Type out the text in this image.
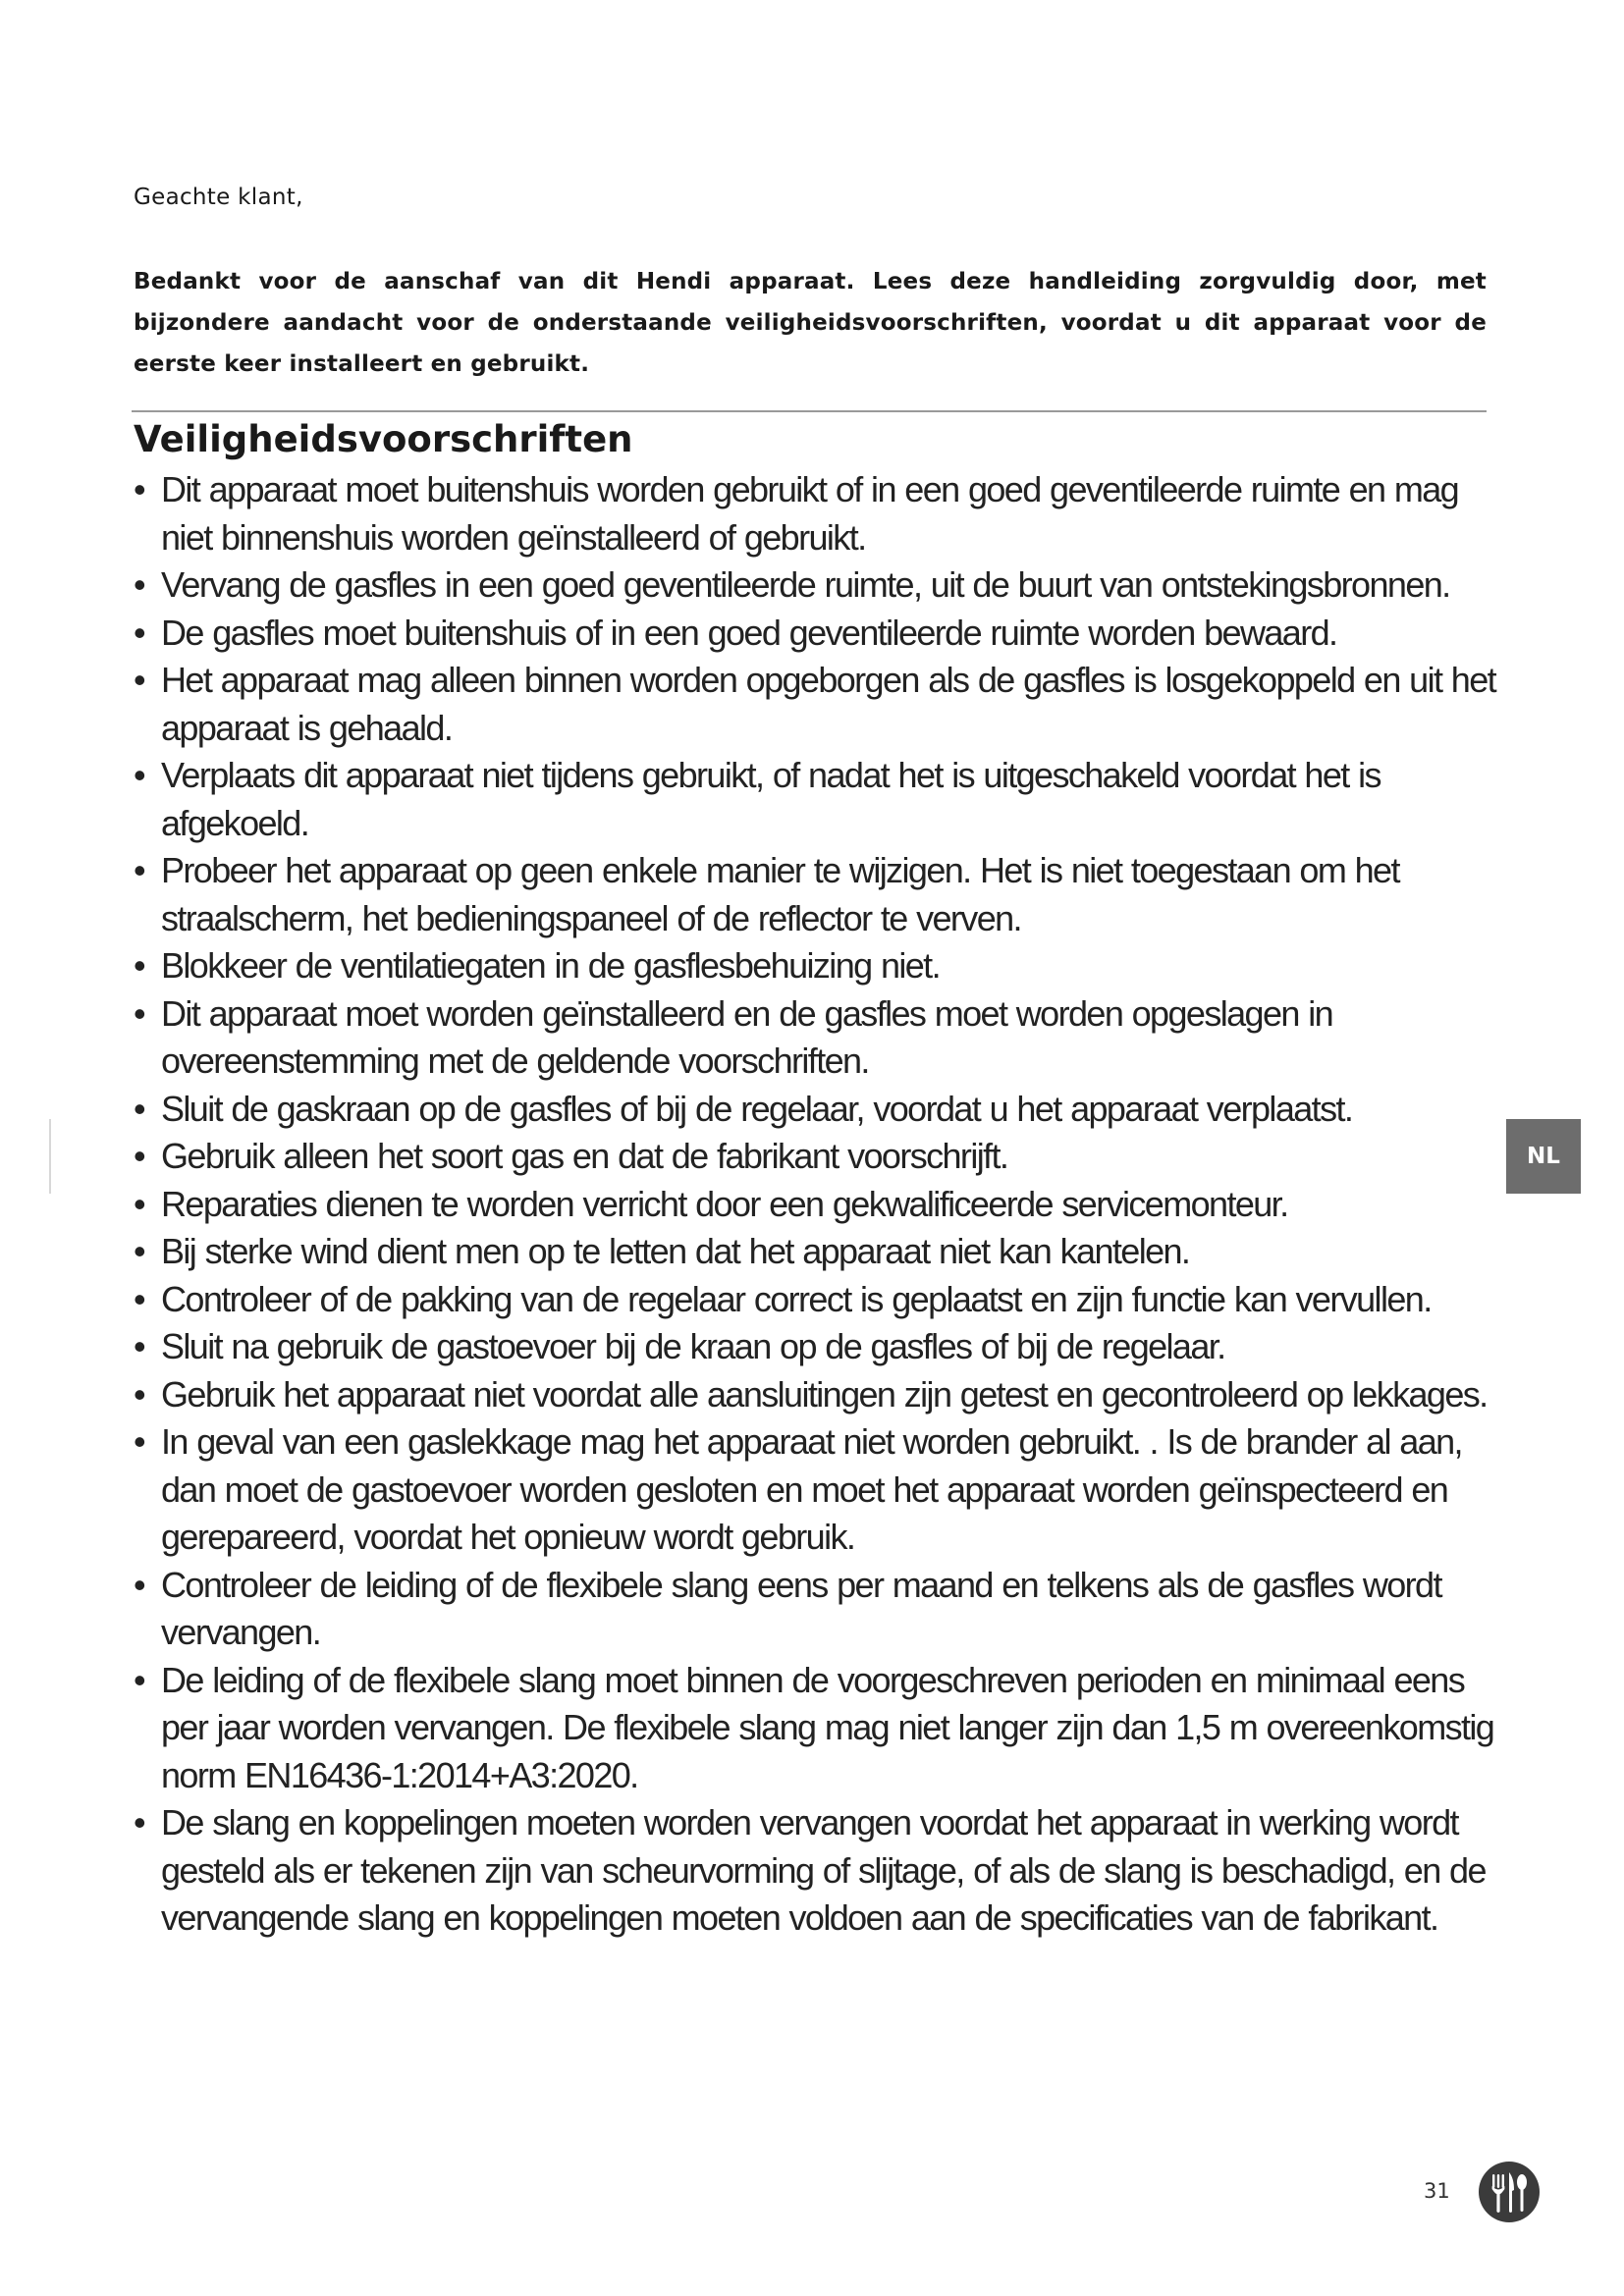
Geachte klant,
Bedankt voor de aanschaf van dit Hendi apparaat. Lees deze handleiding zorgvuldig door, met bijzondere aandacht voor de onderstaande veiligheidsvoorschriften, voordat u dit apparaat voor de eerste keer installeert en gebruikt.
Veiligheidsvoorschriften
• Dit apparaat moet buitenshuis worden gebruikt of in een goed geventileerde ruimte en mag niet binnenshuis worden geïnstalleerd of gebruikt.
• Vervang de gasfles in een goed geventileerde ruimte, uit de buurt van ontstekingsbronnen.
• De gasfles moet buitenshuis of in een goed geventileerde ruimte worden bewaard.
• Het apparaat mag alleen binnen worden opgeborgen als de gasfles is losgekoppeld en uit het apparaat is gehaald.
• Verplaats dit apparaat niet tijdens gebruikt, of nadat het is uitgeschakeld voordat het is afgekoeld.
• Probeer het apparaat op geen enkele manier te wijzigen. Het is niet toegestaan om het straalscherm, het bedieningspaneel of de reflector te verven.
• Blokkeer de ventilatiegaten in de gasflesbehuizing niet.
• Dit apparaat moet worden geïnstalleerd en de gasfles moet worden opgeslagen in overeenstemming met de geldende voorschriften.
• Sluit de gaskraan op de gasfles of bij de regelaar, voordat u het apparaat verplaatst.
• Gebruik alleen het soort gas en dat de fabrikant voorschrijft.
• Reparaties dienen te worden verricht door een gekwalificeerde servicemonteur.
• Bij sterke wind dient men op te letten dat het apparaat niet kan kantelen.
• Controleer of de pakking van de regelaar correct is geplaatst en zijn functie kan vervullen.
• Sluit na gebruik de gastoevoer bij de kraan op de gasfles of bij de regelaar.
• Gebruik het apparaat niet voordat alle aansluitingen zijn getest en gecontroleerd op lekkages.
• In geval van een gaslekkage mag het apparaat niet worden gebruikt. . Is de brander al aan, dan moet de gastoevoer worden gesloten en moet het apparaat worden geïnspecteerd en gerepareerd, voordat het opnieuw wordt gebruik.
• Controleer de leiding of de flexibele slang eens per maand en telkens als de gasfles wordt vervangen.
• De leiding of de flexibele slang moet binnen de voorgeschreven perioden en minimaal eens per jaar worden vervangen. De flexibele slang mag niet langer zijn dan 1,5 m overeenkomstig norm EN16436-1:2014+A3:2020.
• De slang en koppelingen moeten worden vervangen voordat het apparaat in werking wordt gesteld als er tekenen zijn van scheurvorming of slijtage, of als de slang is beschadigd, en de vervangende slang en koppelingen moeten voldoen aan de specificaties van de fabrikant.
NL
31
